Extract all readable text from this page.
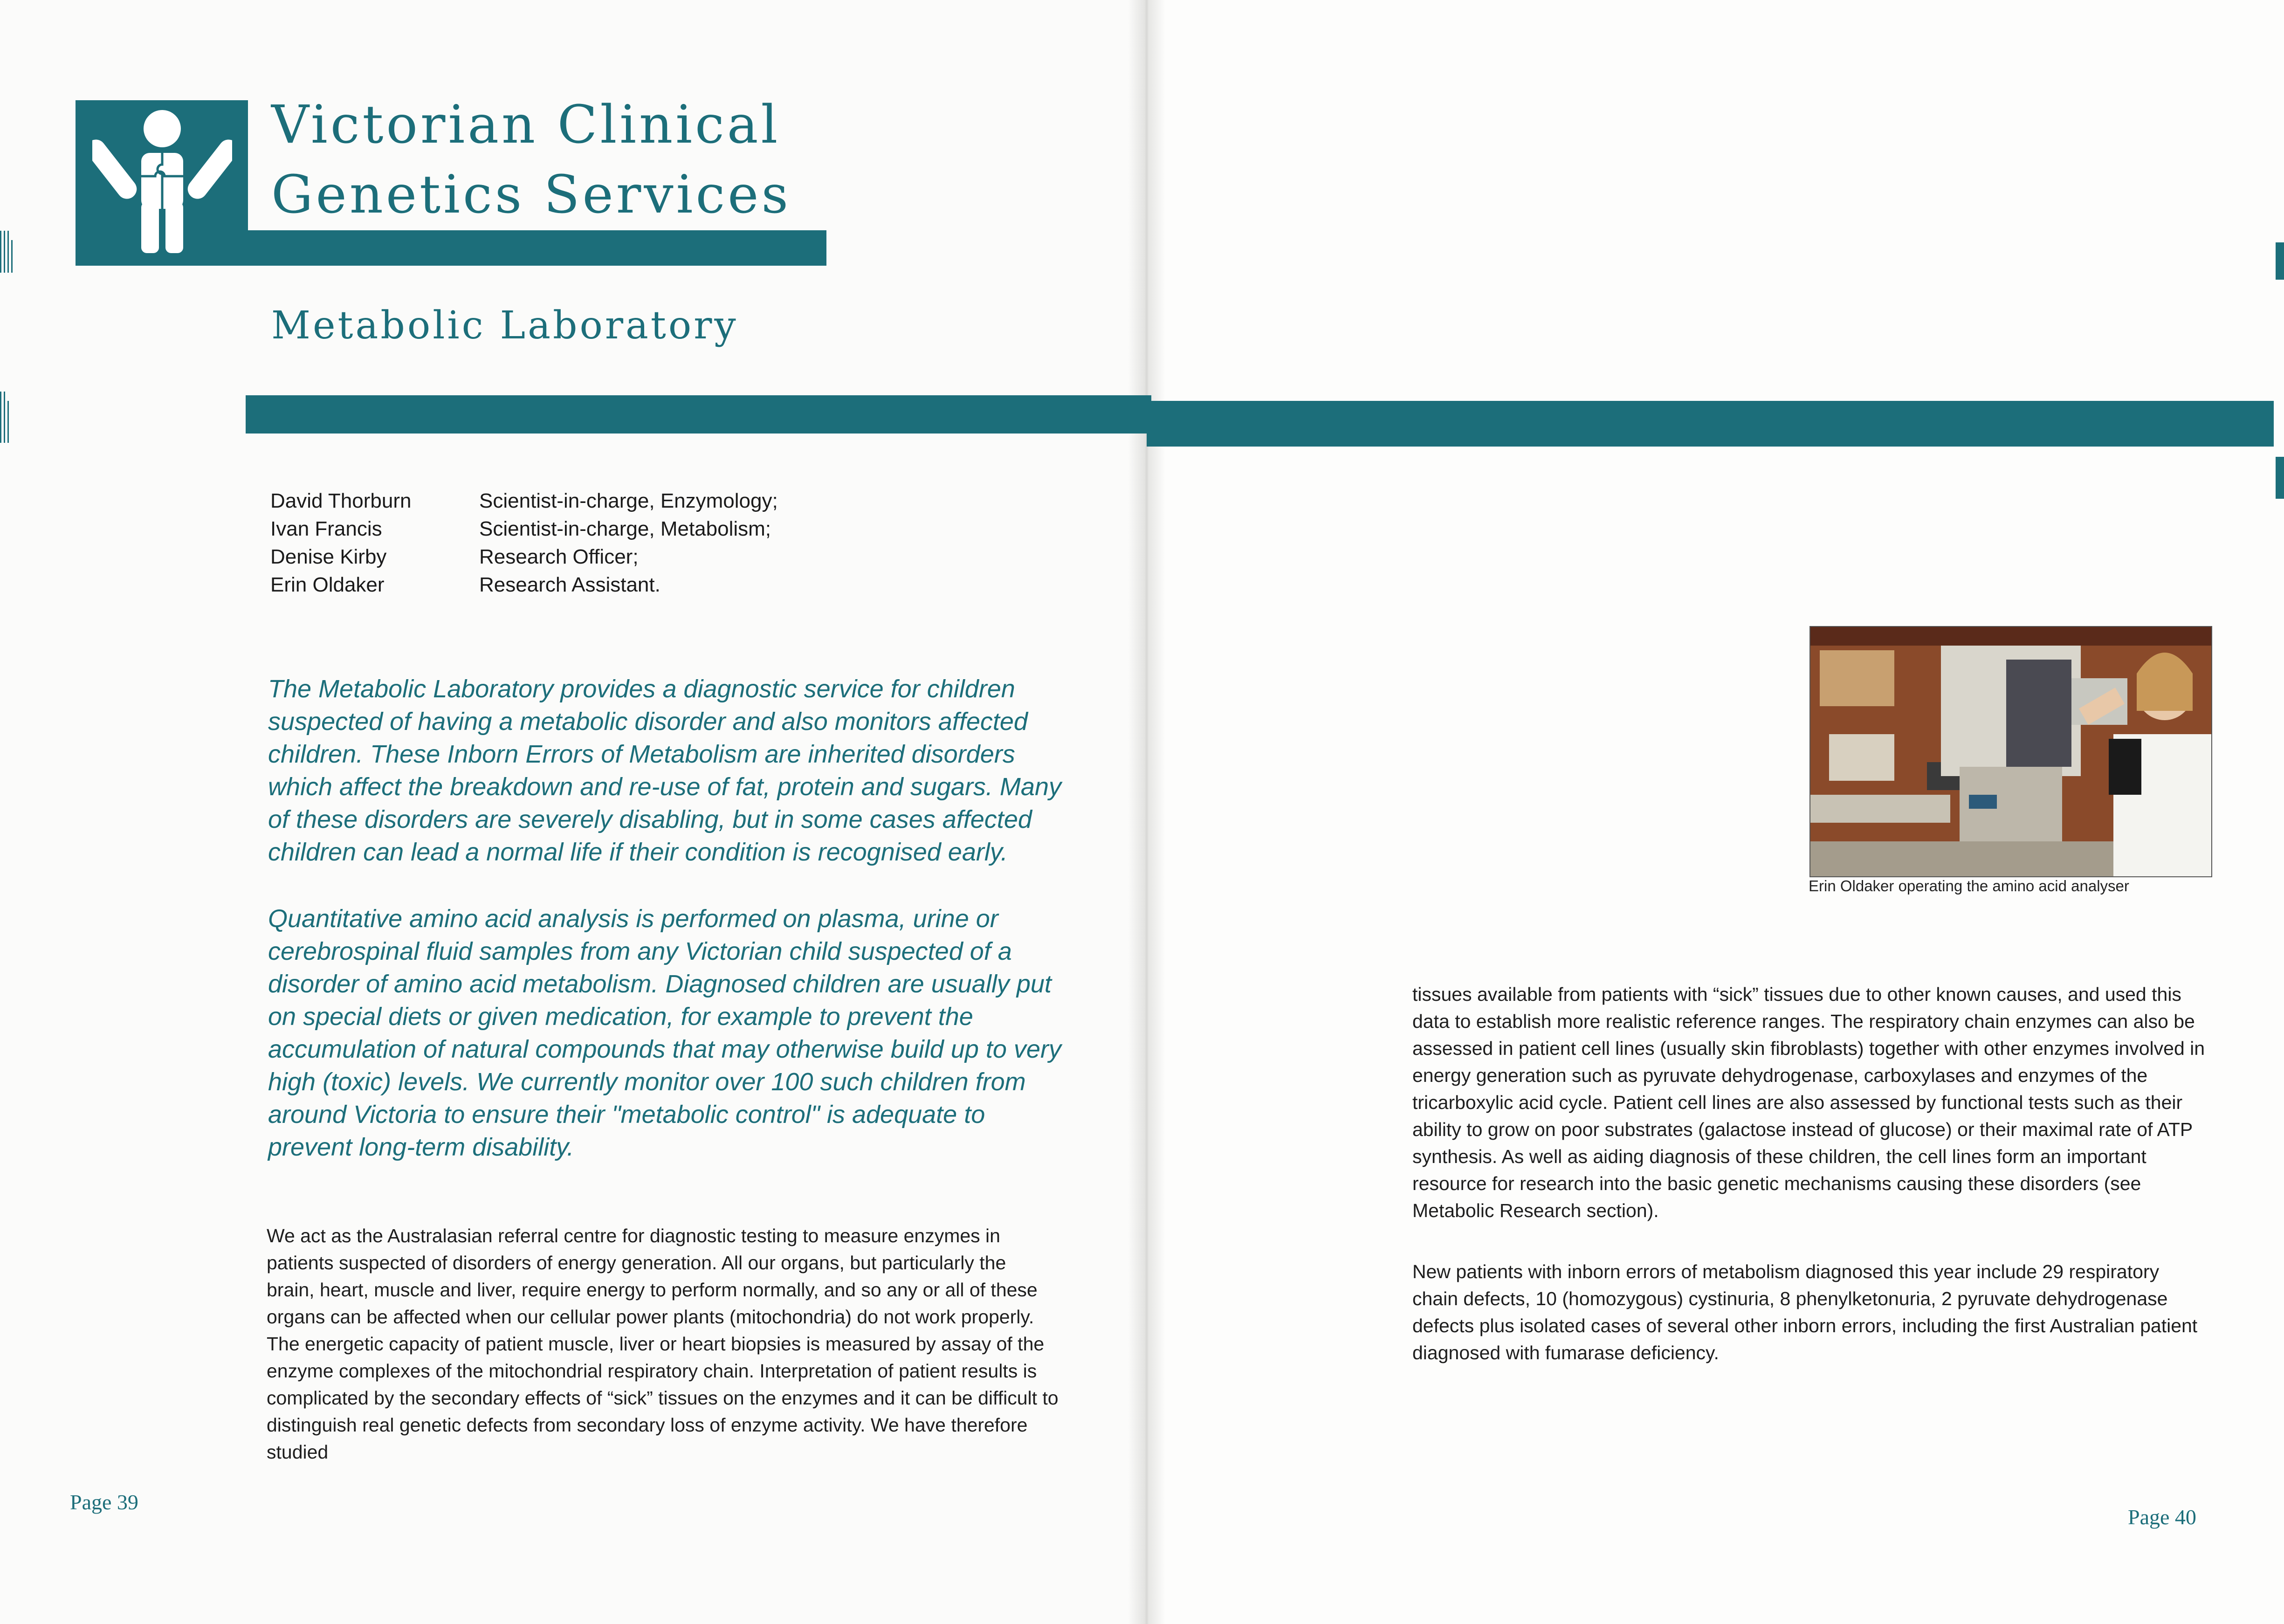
Victorian Clinical
Genetics Services
Metabolic Laboratory
David Thorburn
Ivan Francis
Denise Kirby
Erin Oldaker
Scientist-in-charge, Enzymology;
Scientist-in-charge, Metabolism;
Research Officer;
Research Assistant.

The Metabolic Laboratory provides a diagnostic service for children suspected of having a metabolic disorder and also monitors affected children. These Inborn Errors of Metabolism are inherited disorders which affect the breakdown and re-use of fat, protein and sugars. Many of these disorders are severely disabling, but in some cases affected children can lead a normal life if their condition is recognised early.

Quantitative amino acid analysis is performed on plasma, urine or cerebrospinal fluid samples from any Victorian child suspected of a disorder of amino acid metabolism. Diagnosed children are usually put on special diets or given medication, for example to prevent the accumulation of natural compounds that may otherwise build up to very high (toxic) levels. We currently monitor over 100 such children from around Victoria to ensure their "metabolic control" is adequate to prevent long-term disability.

We act as the Australasian referral centre for diagnostic testing to measure enzymes in patients suspected of disorders of energy generation. All our organs, but particularly the brain, heart, muscle and liver, require energy to perform normally, and so any or all of these organs can be affected when our cellular power plants (mitochondria) do not work properly. The energetic capacity of patient muscle, liver or heart biopsies is measured by assay of the enzyme complexes of the mitochondrial respiratory chain. Interpretation of patient results is complicated by the secondary effects of “sick” tissues on the enzymes and it can be difficult to distinguish real genetic defects from secondary loss of enzyme activity. We have therefore studied

tissues available from patients with “sick” tissues due to other known causes, and used this data to establish more realistic reference ranges. The respiratory chain enzymes can also be assessed in patient cell lines (usually skin fibroblasts) together with other enzymes involved in energy generation such as pyruvate dehydrogenase, carboxylases and enzymes of the tricarboxylic acid cycle. Patient cell lines are also assessed by functional tests such as their ability to grow on poor substrates (galactose instead of glucose) or their maximal rate of ATP synthesis. As well as aiding diagnosis of these children, the cell lines form an important resource for research into the basic genetic mechanisms causing these disorders (see Metabolic Research section).

New patients with inborn errors of metabolism diagnosed this year include 29 respiratory chain defects, 10 (homozygous) cystinuria, 8 phenylketonuria, 2 pyruvate dehydrogenase defects plus isolated cases of several other inborn errors, including the first Australian patient diagnosed with fumarase deficiency.

Erin Oldaker operating the amino acid analyser
Page 39
Page 40
